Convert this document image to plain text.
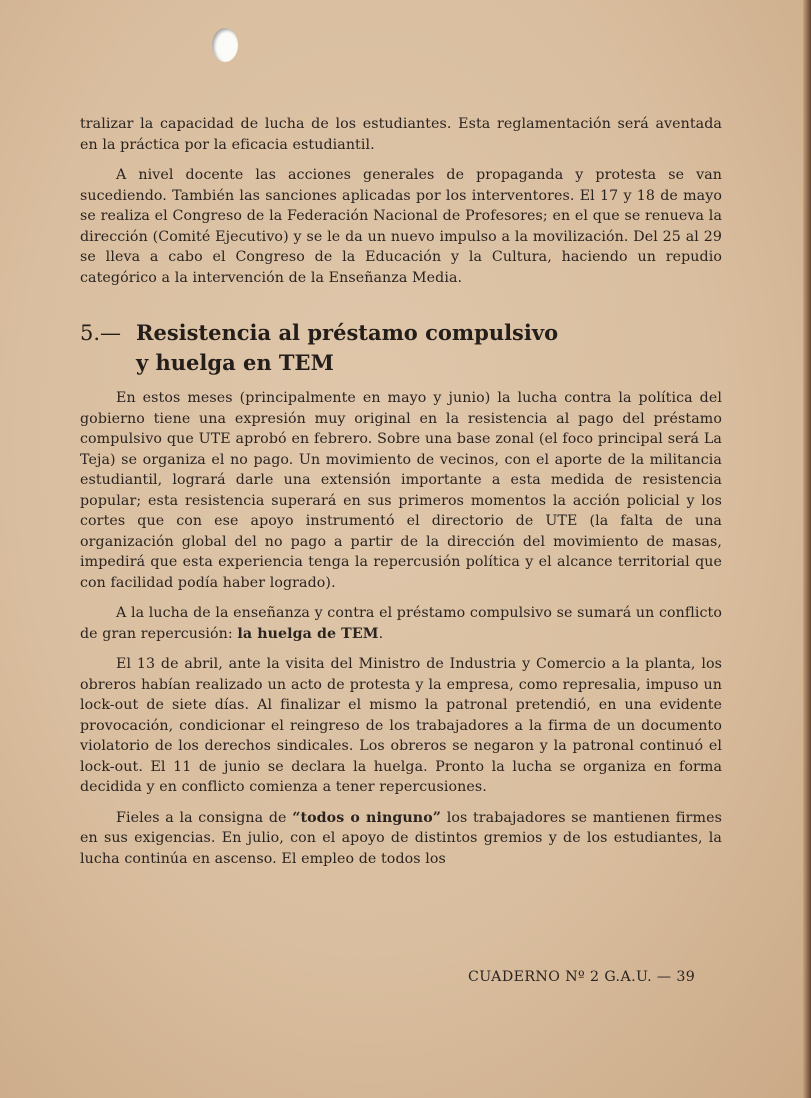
tralizar la capacidad de lucha de los estudiantes. Esta reglamentación será aventada en la práctica por la eficacia estudiantil.

A nivel docente las acciones generales de propaganda y protesta se van sucediendo. También las sanciones aplicadas por los interventores. El 17 y 18 de mayo se realiza el Congreso de la Federación Nacional de Profesores; en el que se renueva la dirección (Comité Ejecutivo) y se le da un nuevo impulso a la movilización. Del 25 al 29 se lleva a cabo el Congreso de la Educación y la Cultura, haciendo un repudio categórico a la intervención de la Enseñanza Media.

5.— Resistencia al préstamo compulsivo
y huelga en TEM

En estos meses (principalmente en mayo y junio) la lucha contra la política del gobierno tiene una expresión muy original en la resistencia al pago del préstamo compulsivo que UTE aprobó en febrero. Sobre una base zonal (el foco principal será La Teja) se organiza el no pago. Un movimiento de vecinos, con el aporte de la militancia estudiantil, logrará darle una extensión importante a esta medida de resistencia popular; esta resistencia superará en sus primeros momentos la acción policial y los cortes que con ese apoyo instrumentó el directorio de UTE (la falta de una organización global del no pago a partir de la dirección del movimiento de masas, impedirá que esta experiencia tenga la repercusión política y el alcance territorial que con facilidad podía haber logrado).

A la lucha de la enseñanza y contra el préstamo compulsivo se sumará un conflicto de gran repercusión: la huelga de TEM.

El 13 de abril, ante la visita del Ministro de Industria y Comercio a la planta, los obreros habían realizado un acto de protesta y la empresa, como represalia, impuso un lock-out de siete días. Al finalizar el mismo la patronal pretendió, en una evidente provocación, condicionar el reingreso de los trabajadores a la firma de un documento violatorio de los derechos sindicales. Los obreros se negaron y la patronal continuó el lock-out. El 11 de junio se declara la huelga. Pronto la lucha se organiza en forma decidida y en conflicto comienza a tener repercusiones.

Fieles a la consigna de “todos o ninguno” los trabajadores se mantienen firmes en sus exigencias. En julio, con el apoyo de distintos gremios y de los estudiantes, la lucha continúa en ascenso. El empleo de todos los

CUADERNO Nº 2 G.A.U. — 39
